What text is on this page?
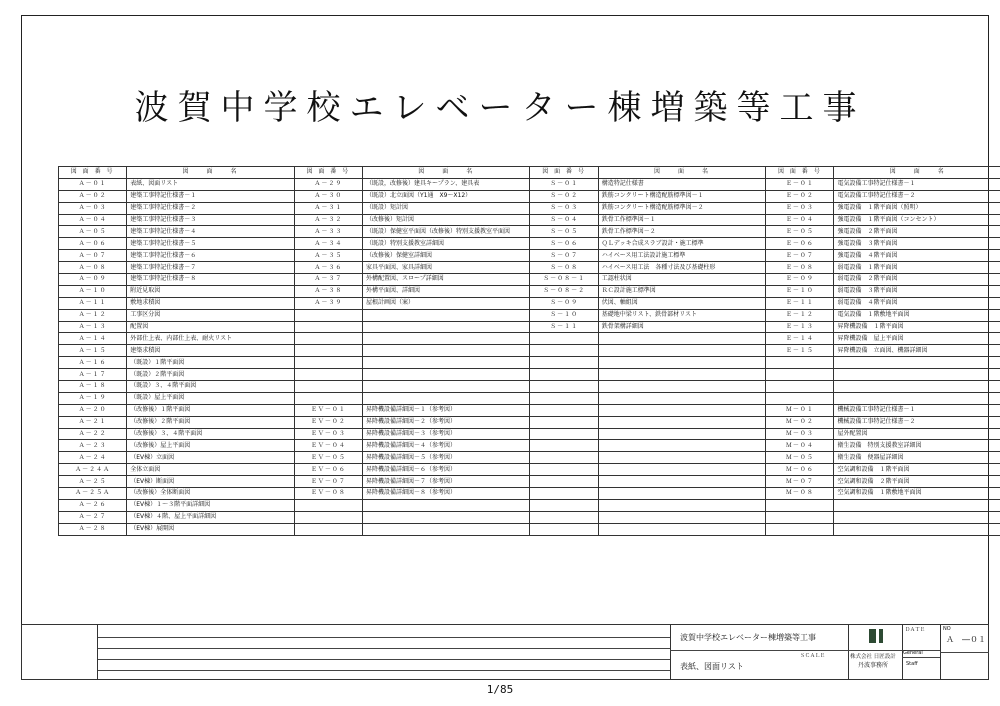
波賀中学校エレベーター棟増築等工事
図 面 番 号	図　　面　　名	図 面 番 号	図　　面　　名	図 面 番 号	図　　面　　名	図 面 番 号	図　　面　　名
Ａ－０１	表紙、図面リスト	Ａ－２９	（既設，改修後）建具キープラン、建具表	Ｓ－０１	構造特記仕様書	Ｅ－０１	電気設備工事特記仕様書－１
Ａ－０２	建築工事特記仕様書－１	Ａ－３０	（既設）北立面図（Y1通　X9～X12）	Ｓ－０２	鉄筋コンクリート構造配筋標準図－１	Ｅ－０２	電気設備工事特記仕様書－２
Ａ－０３	建築工事特記仕様書－２	Ａ－３１	（既設）矩計図	Ｓ－０３	鉄筋コンクリート構造配筋標準図－２	Ｅ－０３	強電設備　１階平面図（照明）
Ａ－０４	建築工事特記仕様書－３	Ａ－３２	（改修後）矩計図	Ｓ－０４	鉄骨工作標準図－１	Ｅ－０４	強電設備　１階平面図（コンセント）
Ａ－０５	建築工事特記仕様書－４	Ａ－３３	（既設）保健室平面図（改修後）特別支援教室平面図	Ｓ－０５	鉄骨工作標準図－２	Ｅ－０５	強電設備　２階平面図
Ａ－０６	建築工事特記仕様書－５	Ａ－３４	（既設）特別支援教室詳細図	Ｓ－０６	ＱＬデッキ合成スラブ設計・施工標準	Ｅ－０６	強電設備　３階平面図
Ａ－０７	建築工事特記仕様書－６	Ａ－３５	（改修後）保健室詳細図	Ｓ－０７	ハイベース用工法設計施工標準	Ｅ－０７	強電設備　４階平面図
Ａ－０８	建築工事特記仕様書－７	Ａ－３６	家具平面図、家具詳細図	Ｓ－０８	ハイベース用工法　各種寸法及び基礎柱形	Ｅ－０８	弱電設備　１階平面図
Ａ－０９	建築工事特記仕様書－８	Ａ－３７	外構配置図、スロープ詳細図	Ｓ－０８－１	工認柱状図	Ｅ－０９	弱電設備　２階平面図
Ａ－１０	附近見取図	Ａ－３８	外構平面図、詳細図	Ｓ－０８－２	ＲＣ設計施工標準図	Ｅ－１０	弱電設備　３階平面図
Ａ－１１	敷地求積図	Ａ－３９	屋根計画図（案）	Ｓ－０９	伏図、軸組図	Ｅ－１１	弱電設備　４階平面図
Ａ－１２	工事区分図			Ｓ－１０	基礎地中梁リスト、鉄骨部材リスト	Ｅ－１２	電気設備　１階敷地平面図
Ａ－１３	配置図			Ｓ－１１	鉄骨架構詳細図	Ｅ－１３	昇降機設備　１階平面図
Ａ－１４	外部仕上表、内部仕上表、耐火リスト					Ｅ－１４	昇降機設備　屋上平面図
Ａ－１５	建築求積図					Ｅ－１５	昇降機設備　立面図、機器詳細図
Ａ－１６	（既設）１階平面図						
Ａ－１７	（既設）２階平面図						
Ａ－１８	（既設）３、４階平面図						
Ａ－１９	（既設）屋上平面図						
Ａ－２０	（改修後）１階平面図	ＥＶ－０１	昇降機設備詳細図－１（参考図）			Ｍ－０１	機械設備工事特記仕様書－１
Ａ－２１	（改修後）２階平面図	ＥＶ－０２	昇降機設備詳細図－２（参考図）			Ｍ－０２	機械設備工事特記仕様書－２
Ａ－２２	（改修後）３、４階平面図	ＥＶ－０３	昇降機設備詳細図－３（参考図）			Ｍ－０３	屋外配置図
Ａ－２３	（改修後）屋上平面図	ＥＶ－０４	昇降機設備詳細図－４（参考図）			Ｍ－０４	衛生設備　特別支援教室詳細図
Ａ－２４	（EV棟）立面図	ＥＶ－０５	昇降機設備詳細図－５（参考図）			Ｍ－０５	衛生設備　便器屋詳細図
Ａ－２４Ａ	全体立面図	ＥＶ－０６	昇降機設備詳細図－６（参考図）			Ｍ－０６	空気調和設備　１階平面図
Ａ－２５	（EV棟）断面図	ＥＶ－０７	昇降機設備詳細図－７（参考図）			Ｍ－０７	空気調和設備　２階平面図
Ａ－２５Ａ	（改修後）全体断面図	ＥＶ－０８	昇降機設備詳細図－８（参考図）			Ｍ－０８	空気調和設備　１階敷地平面図
Ａ－２６	（EV棟）１～３階平面詳細図						
Ａ－２７	（EV棟）４階、屋上平面詳細図						
Ａ－２８	（EV棟）展開図						
波賀中学校エレベーター棟増築等工事
ＳＣＡＬＥ
表紙、図面リスト
株式会社 日匠設計
丹波事務所
ＤＡＴＥ
General
Staff
NO
Ａ　―０１
1/85
